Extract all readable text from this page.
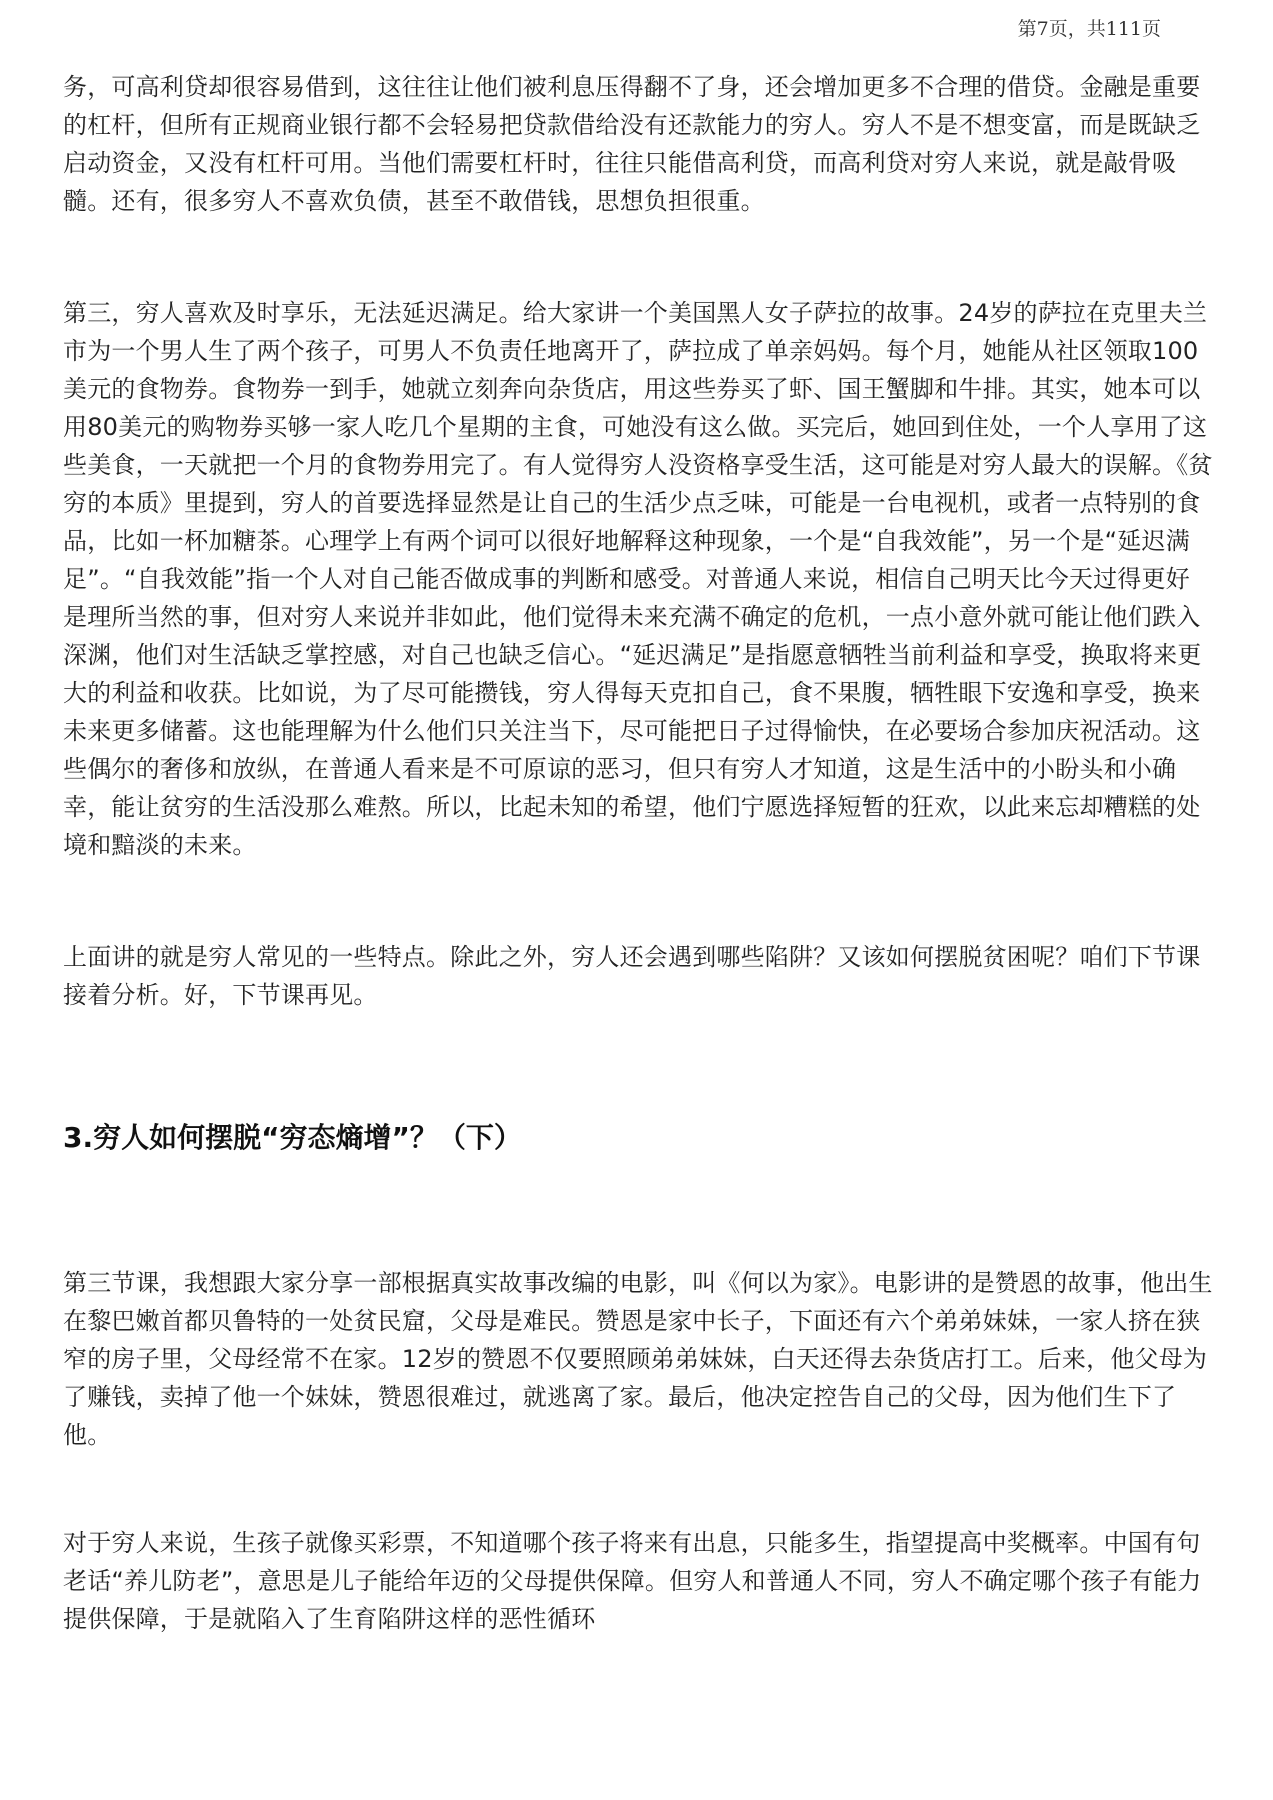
第7页，共111页

务，可高利贷却很容易借到，这往往让他们被利息压得翻不了身，还会增加更多不合理的借贷。金融是重要的杠杆，但所有正规商业银行都不会轻易把贷款借给没有还款能力的穷人。穷人不是不想变富，而是既缺乏启动资金，又没有杠杆可用。当他们需要杠杆时，往往只能借高利贷，而高利贷对穷人来说，就是敲骨吸髓。还有，很多穷人不喜欢负债，甚至不敢借钱，思想负担很重。

第三，穷人喜欢及时享乐，无法延迟满足。给大家讲一个美国黑人女子萨拉的故事。24岁的萨拉在克里夫兰市为一个男人生了两个孩子，可男人不负责任地离开了，萨拉成了单亲妈妈。每个月，她能从社区领取100美元的食物券。食物券一到手，她就立刻奔向杂货店，用这些券买了虾、国王蟹脚和牛排。其实，她本可以用80美元的购物券买够一家人吃几个星期的主食，可她没有这么做。买完后，她回到住处，一个人享用了这些美食，一天就把一个月的食物券用完了。有人觉得穷人没资格享受生活，这可能是对穷人最大的误解。《贫穷的本质》里提到，穷人的首要选择显然是让自己的生活少点乏味，可能是一台电视机，或者一点特别的食品，比如一杯加糖茶。心理学上有两个词可以很好地解释这种现象，一个是“自我效能”，另一个是“延迟满足”。“自我效能”指一个人对自己能否做成事的判断和感受。对普通人来说，相信自己明天比今天过得更好是理所当然的事，但对穷人来说并非如此，他们觉得未来充满不确定的危机，一点小意外就可能让他们跌入深渊，他们对生活缺乏掌控感，对自己也缺乏信心。“延迟满足”是指愿意牺牲当前利益和享受，换取将来更大的利益和收获。比如说，为了尽可能攒钱，穷人得每天克扣自己，食不果腹，牺牲眼下安逸和享受，换来未来更多储蓄。这也能理解为什么他们只关注当下，尽可能把日子过得愉快，在必要场合参加庆祝活动。这些偶尔的奢侈和放纵，在普通人看来是不可原谅的恶习，但只有穷人才知道，这是生活中的小盼头和小确幸，能让贫穷的生活没那么难熬。所以，比起未知的希望，他们宁愿选择短暂的狂欢，以此来忘却糟糕的处境和黯淡的未来。

上面讲的就是穷人常见的一些特点。除此之外，穷人还会遇到哪些陷阱？又该如何摆脱贫困呢？咱们下节课接着分析。好，下节课再见。

3.穷人如何摆脱“穷态熵增”？（下）

第三节课，我想跟大家分享一部根据真实故事改编的电影，叫《何以为家》。电影讲的是赞恩的故事，他出生在黎巴嫩首都贝鲁特的一处贫民窟，父母是难民。赞恩是家中长子，下面还有六个弟弟妹妹，一家人挤在狭窄的房子里，父母经常不在家。12岁的赞恩不仅要照顾弟弟妹妹，白天还得去杂货店打工。后来，他父母为了赚钱，卖掉了他一个妹妹，赞恩很难过，就逃离了家。最后，他决定控告自己的父母，因为他们生下了他。

对于穷人来说，生孩子就像买彩票，不知道哪个孩子将来有出息，只能多生，指望提高中奖概率。中国有句老话“养儿防老”，意思是儿子能给年迈的父母提供保障。但穷人和普通人不同，穷人不确定哪个孩子有能力提供保障，于是就陷入了生育陷阱这样的恶性循环
